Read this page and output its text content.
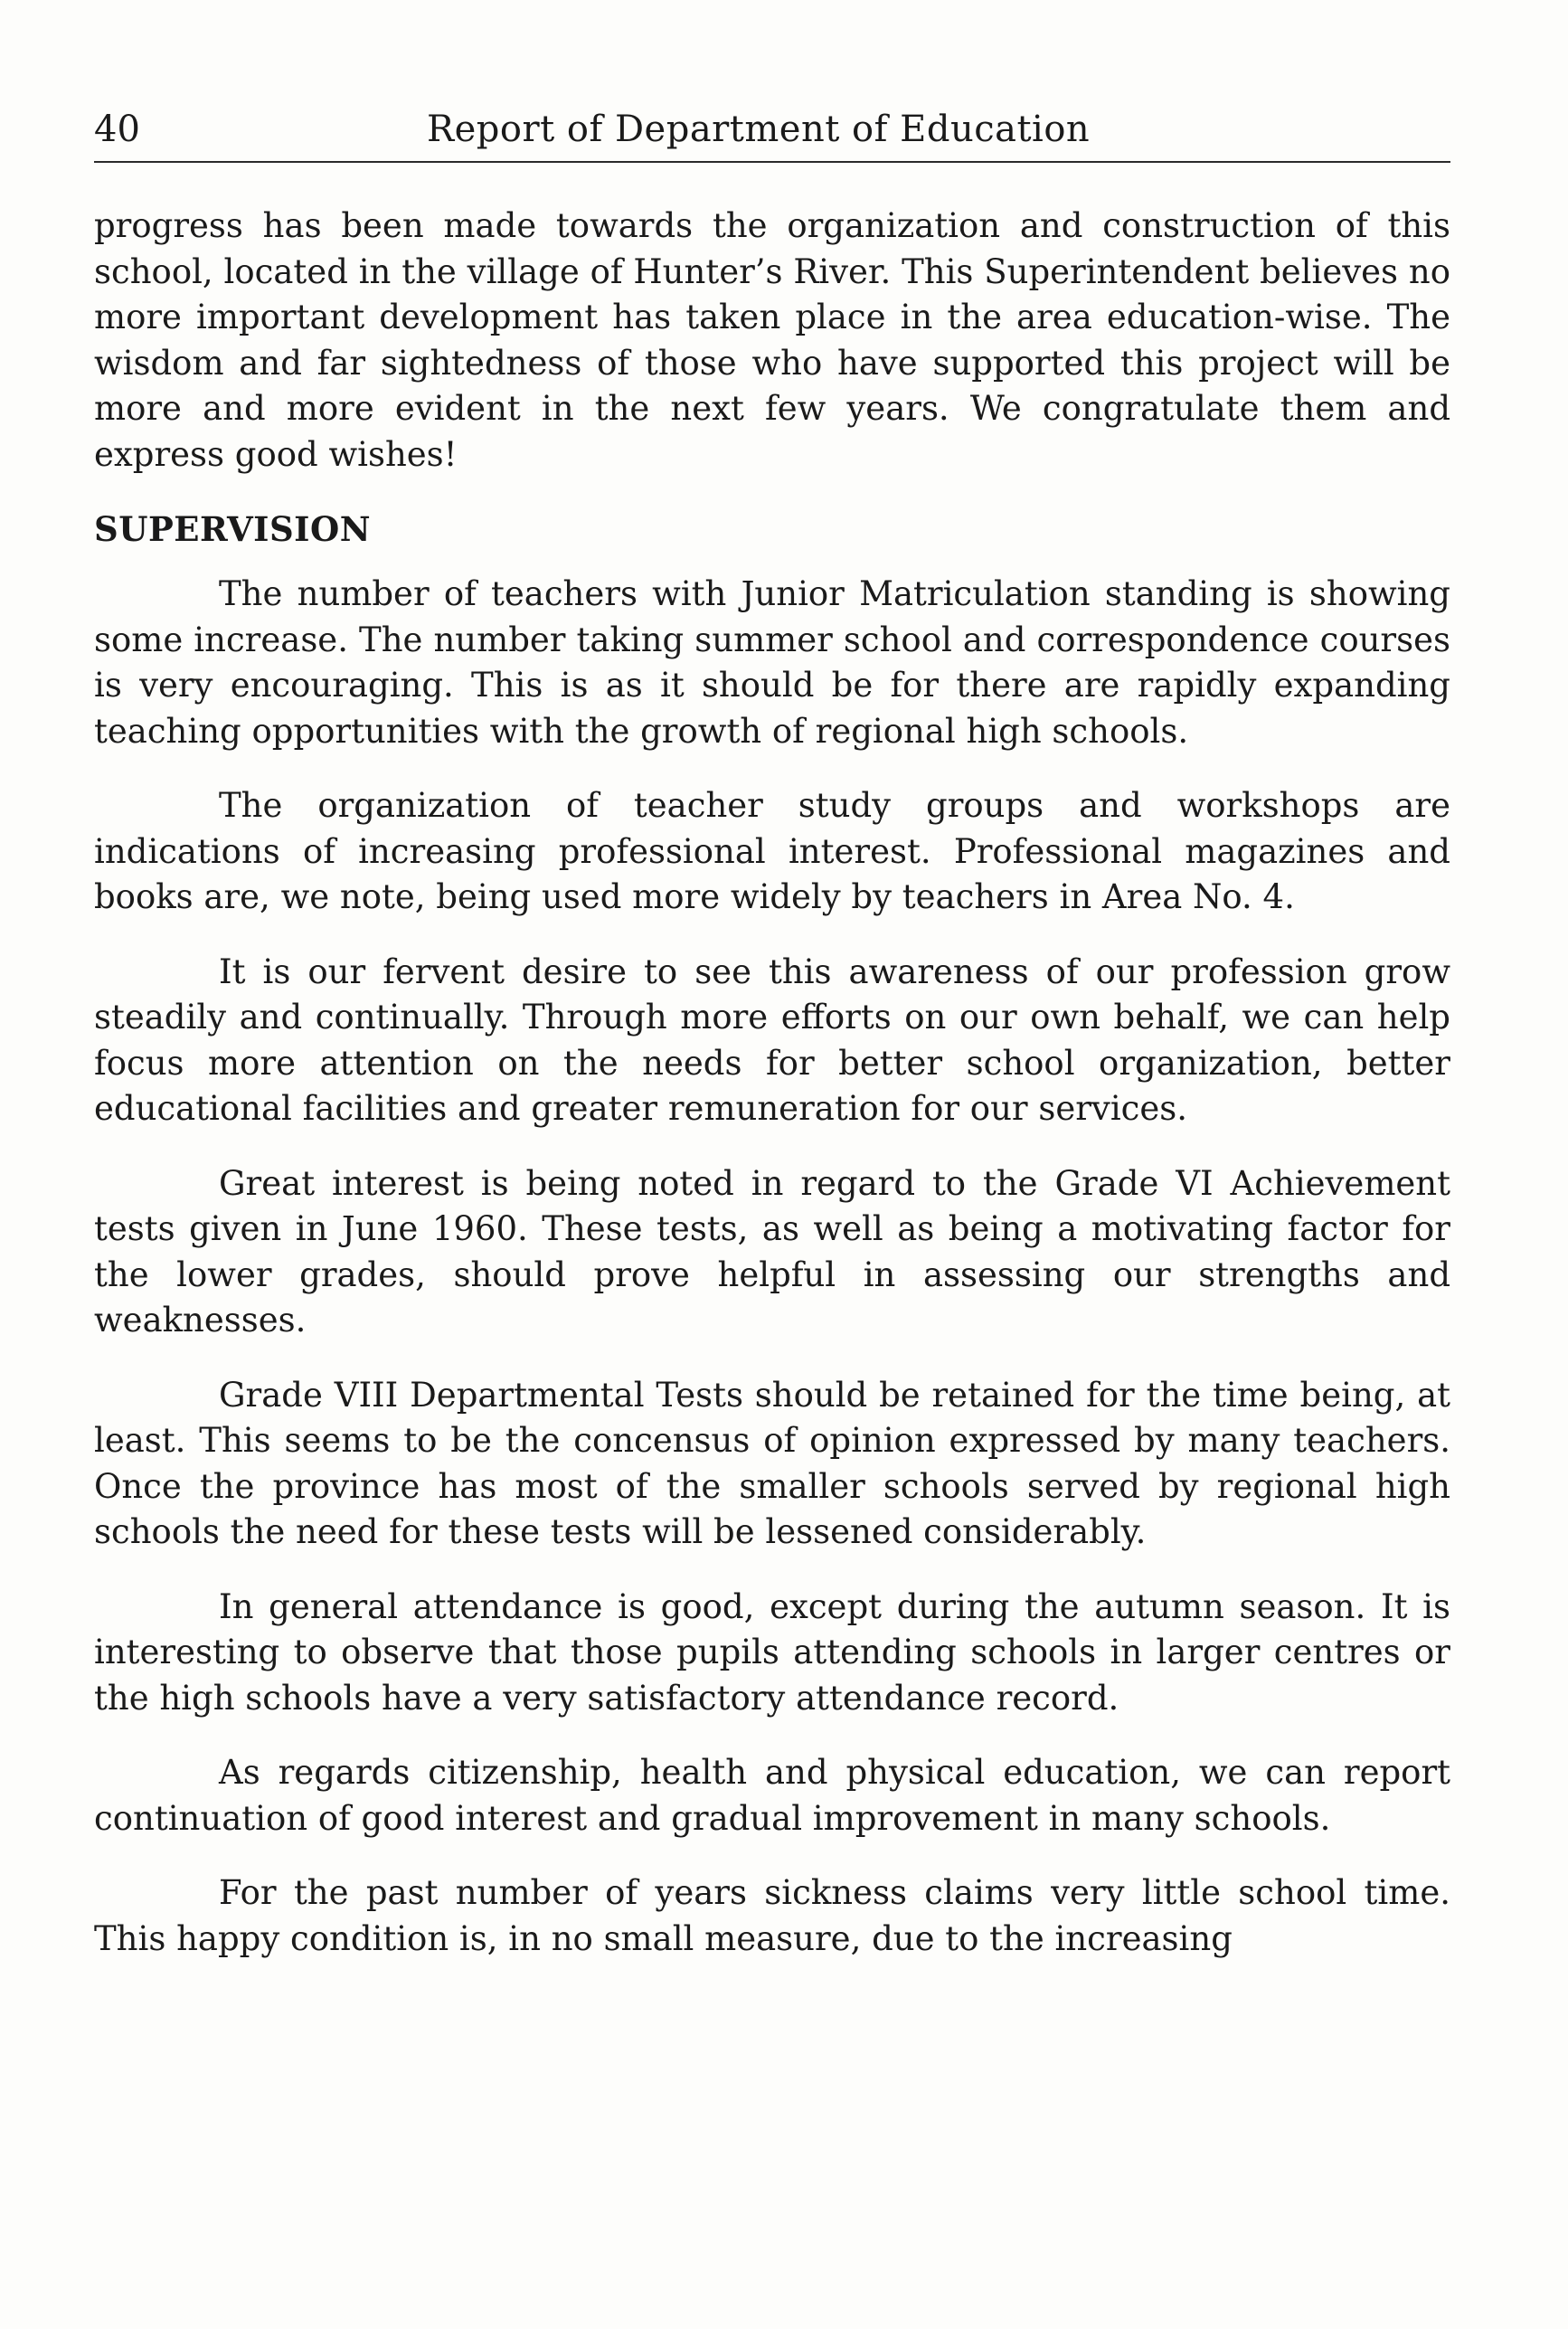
40	Report of Department of Education

progress has been made towards the organization and construction of this school, located in the village of Hunter’s River. This Superintendent believes no more important development has taken place in the area education-wise. The wisdom and far sightedness of those who have supported this project will be more and more evident in the next few years. We congratulate them and express good wishes!

SUPERVISION

The number of teachers with Junior Matriculation standing is showing some increase. The number taking summer school and correspondence courses is very encouraging. This is as it should be for there are rapidly expanding teaching opportunities with the growth of regional high schools.

The organization of teacher study groups and workshops are indications of increasing professional interest. Professional magazines and books are, we note, being used more widely by teachers in Area No. 4.

It is our fervent desire to see this awareness of our profession grow steadily and continually. Through more efforts on our own behalf, we can help focus more attention on the needs for better school organization, better educational facilities and greater remuneration for our services.

Great interest is being noted in regard to the Grade VI Achievement tests given in June 1960. These tests, as well as being a motivating factor for the lower grades, should prove helpful in assessing our strengths and weaknesses.

Grade VIII Departmental Tests should be retained for the time being, at least. This seems to be the concensus of opinion expressed by many teachers. Once the province has most of the smaller schools served by regional high schools the need for these tests will be lessened considerably.

In general attendance is good, except during the autumn season. It is interesting to observe that those pupils attending schools in larger centres or the high schools have a very satisfactory attendance record.

As regards citizenship, health and physical education, we can report continuation of good interest and gradual improvement in many schools.

For the past number of years sickness claims very little school time. This happy condition is, in no small measure, due to the increasing
